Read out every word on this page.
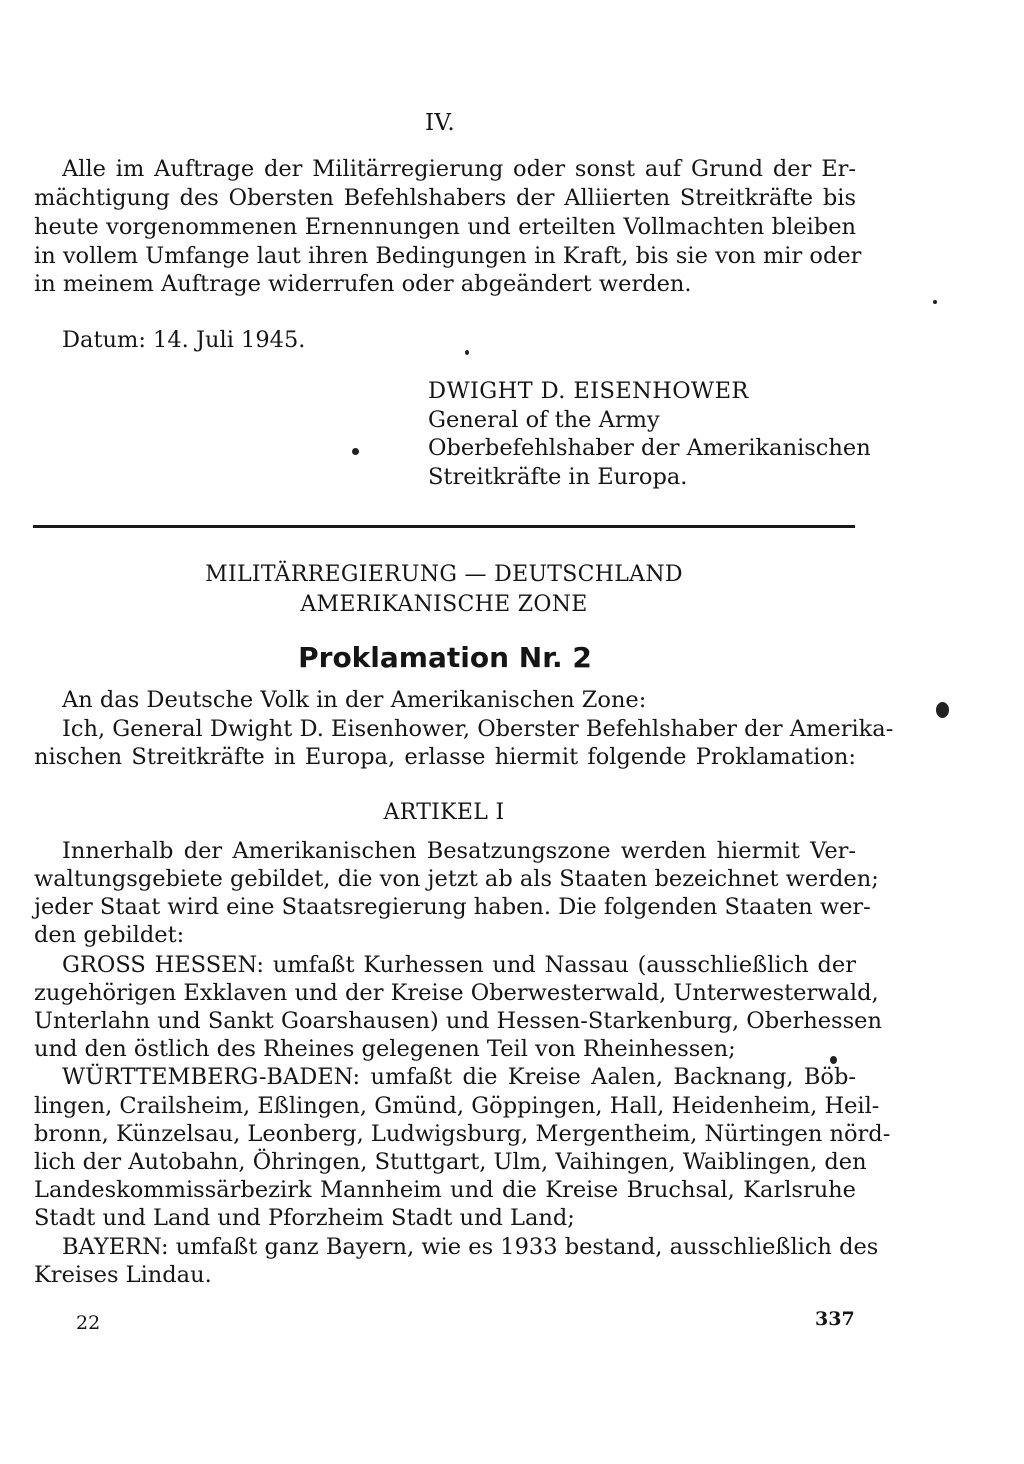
IV.
Alle im Auftrage der Militärregierung oder sonst auf Grund der Er-
mächtigung des Obersten Befehlshabers der Alliierten Streitkräfte bis
heute vorgenommenen Ernennungen und erteilten Vollmachten bleiben
in vollem Umfange laut ihren Bedingungen in Kraft, bis sie von mir oder
in meinem Auftrage widerrufen oder abgeändert werden.
Datum: 14. Juli 1945.
DWIGHT D. EISENHOWER
General of the Army
Oberbefehlshaber der Amerikanischen
Streitkräfte in Europa.
MILITÄRREGIERUNG — DEUTSCHLAND
AMERIKANISCHE ZONE
Proklamation Nr. 2
An das Deutsche Volk in der Amerikanischen Zone:
Ich, General Dwight D. Eisenhower, Oberster Befehlshaber der Amerika-
nischen Streitkräfte in Europa, erlasse hiermit folgende Proklamation:
ARTIKEL I
Innerhalb der Amerikanischen Besatzungszone werden hiermit Ver-
waltungsgebiete gebildet, die von jetzt ab als Staaten bezeichnet werden;
jeder Staat wird eine Staatsregierung haben. Die folgenden Staaten wer-
den gebildet:
GROSS HESSEN: umfaßt Kurhessen und Nassau (ausschließlich der
zugehörigen Exklaven und der Kreise Oberwesterwald, Unterwesterwald,
Unterlahn und Sankt Goarshausen) und Hessen-Starkenburg, Oberhessen
und den östlich des Rheines gelegenen Teil von Rheinhessen;
WÜRTTEMBERG-BADEN: umfaßt die Kreise Aalen, Backnang, Böb-
lingen, Crailsheim, Eßlingen, Gmünd, Göppingen, Hall, Heidenheim, Heil-
bronn, Künzelsau, Leonberg, Ludwigsburg, Mergentheim, Nürtingen nörd-
lich der Autobahn, Öhringen, Stuttgart, Ulm, Vaihingen, Waiblingen, den
Landeskommissärbezirk Mannheim und die Kreise Bruchsal, Karlsruhe
Stadt und Land und Pforzheim Stadt und Land;
BAYERN: umfaßt ganz Bayern, wie es 1933 bestand, ausschließlich des
Kreises Lindau.
22	337
